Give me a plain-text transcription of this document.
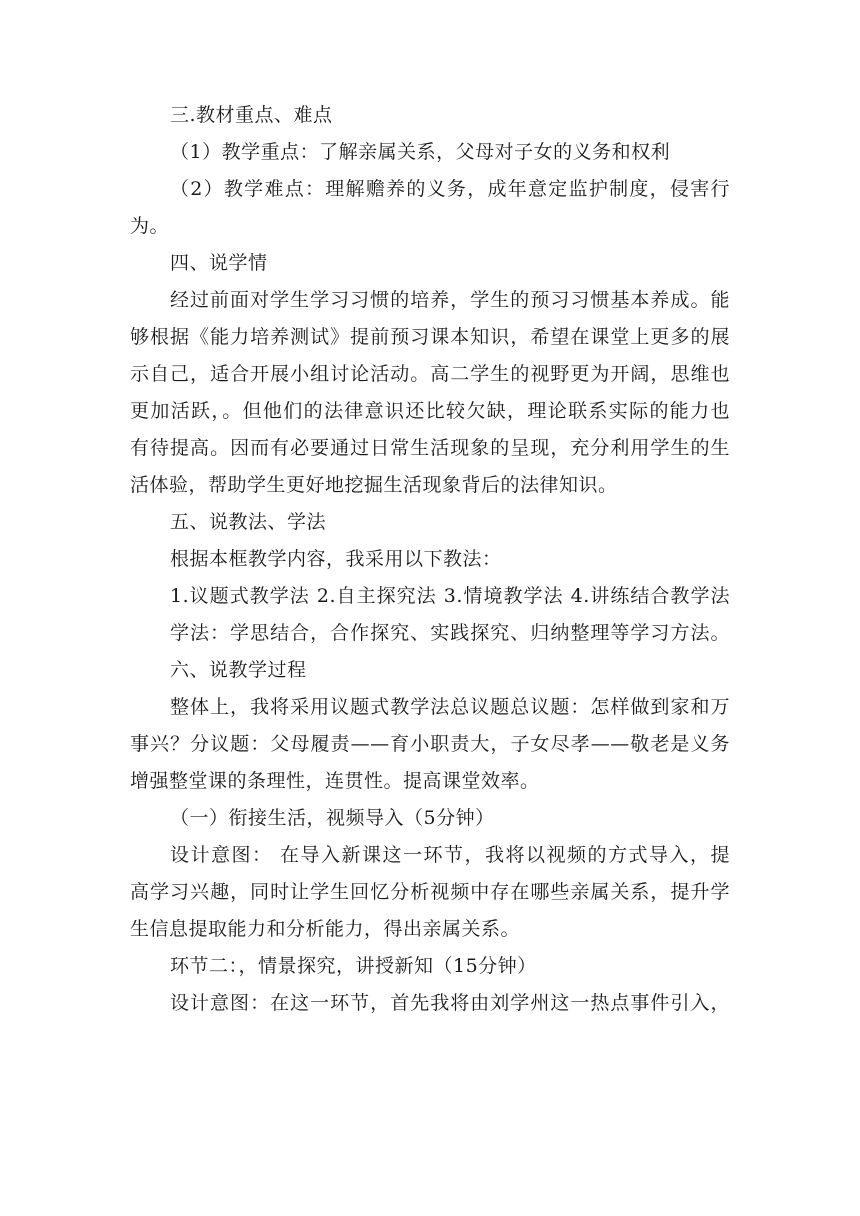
三.教材重点、难点
（1）教学重点：了解亲属关系，父母对子女的义务和权利
（2）教学难点：理解赡养的义务，成年意定监护制度，侵害行
为。
四、说学情
经过前面对学生学习习惯的培养，学生的预习习惯基本养成。能
够根据《能力培养测试》提前预习课本知识，希望在课堂上更多的展
示自己，适合开展小组讨论活动。高二学生的视野更为开阔，思维也
更加活跃，。但他们的法律意识还比较欠缺，理论联系实际的能力也
有待提高。因而有必要通过日常生活现象的呈现，充分利用学生的生
活体验，帮助学生更好地挖掘生活现象背后的法律知识。
五、说教法、学法
根据本框教学内容，我采用以下教法：
1.议题式教学法 2.自主探究法 3.情境教学法 4.讲练结合教学法
学法：学思结合，合作探究、实践探究、归纳整理等学习方法。
六、说教学过程
整体上，我将采用议题式教学法总议题总议题：怎样做到家和万
事兴？分议题：父母履责——育小职责大，子女尽孝——敬老是义务
增强整堂课的条理性，连贯性。提高课堂效率。
（一）衔接生活，视频导入（5分钟）
设计意图： 在导入新课这一环节，我将以视频的方式导入，提
高学习兴趣，同时让学生回忆分析视频中存在哪些亲属关系，提升学
生信息提取能力和分析能力，得出亲属关系。
环节二：，情景探究，讲授新知（15分钟）
设计意图：在这一环节，首先我将由刘学州这一热点事件引入，
